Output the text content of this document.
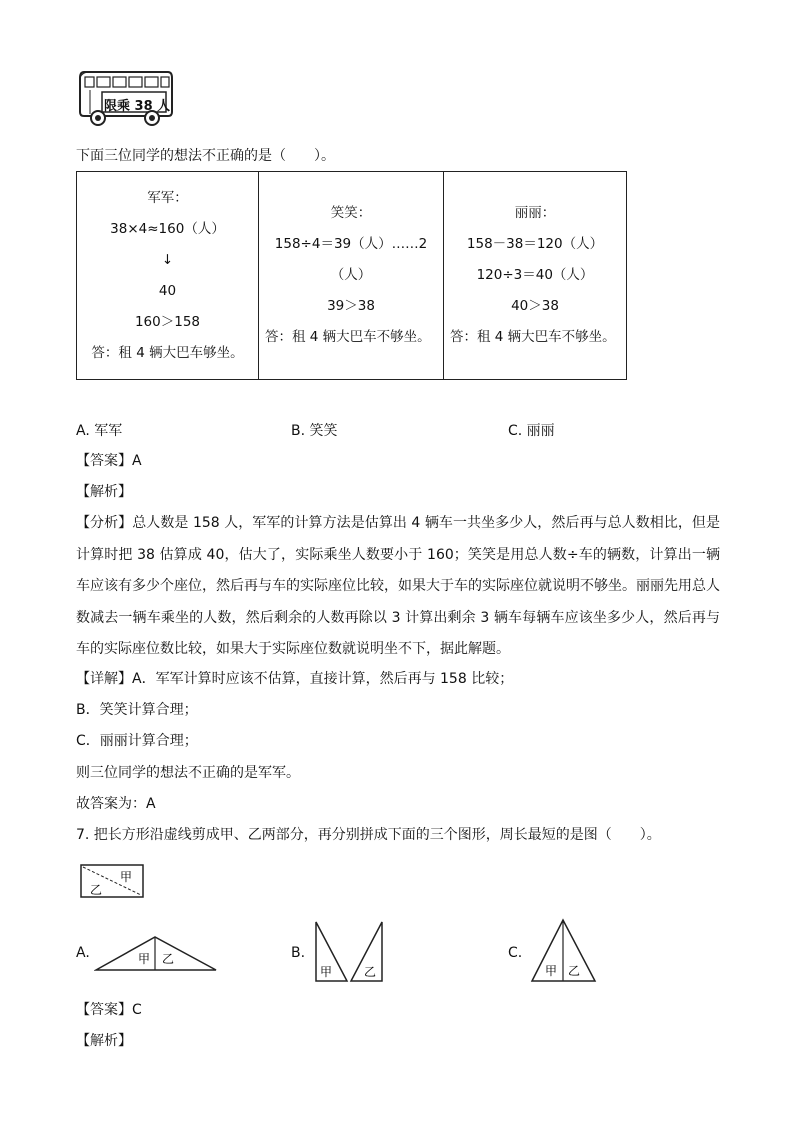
限乘 38 人
下面三位同学的想法不正确的是（　　）。
军军：
38×4≈160（人）
↓
40
160＞158
答：租 4 辆大巴车够坐。

笑笑：
158÷4＝39（人）……2
（人）
39＞38
答：租 4 辆大巴车不够坐。

丽丽：
158－38＝120（人）
120÷3＝40（人）
40＞38
答：租 4 辆大巴车不够坐。
A. 军军	B. 笑笑	C. 丽丽
【答案】A
【解析】
【分析】总人数是 158 人，军军的计算方法是估算出 4 辆车一共坐多少人，然后再与总人数相比，但是计算时把 38 估算成 40，估大了，实际乘坐人数要小于 160；笑笑是用总人数÷车的辆数，计算出一辆车应该有多少个座位，然后再与车的实际座位比较，如果大于车的实际座位就说明不够坐。丽丽先用总人数减去一辆车乘坐的人数，然后剩余的人数再除以 3 计算出剩余 3 辆车每辆车应该坐多少人，然后再与车的实际座位数比较，如果大于实际座位数就说明坐不下，据此解题。
【详解】A．军军计算时应该不估算，直接计算，然后再与 158 比较；
B．笑笑计算合理；
C．丽丽计算合理；
则三位同学的想法不正确的是军军。
故答案为：A
7. 把长方形沿虚线剪成甲、乙两部分，再分别拼成下面的三个图形，周长最短的是图（　　）。
甲
乙
A.	甲 乙	B.
甲	乙
C.
甲 乙
【答案】C
【解析】
